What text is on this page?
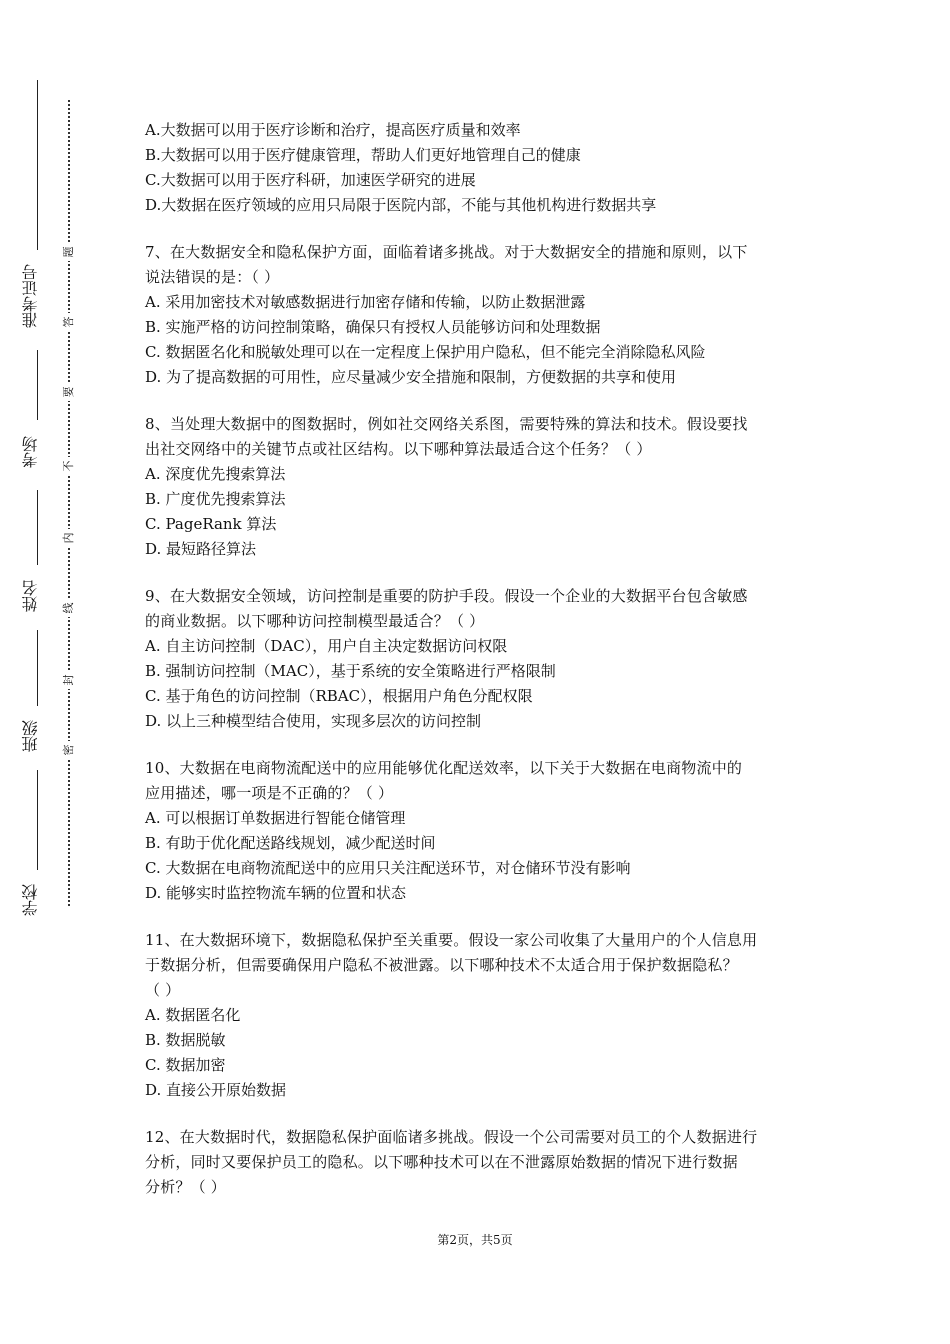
准考证号
考场
姓名
班级
学校
题
答
要
不
内
线
封
密
A.大数据可以用于医疗诊断和治疗，提高医疗质量和效率
B.大数据可以用于医疗健康管理，帮助人们更好地管理自己的健康
C.大数据可以用于医疗科研，加速医学研究的进展
D.大数据在医疗领域的应用只局限于医院内部，不能与其他机构进行数据共享
7、在大数据安全和隐私保护方面，面临着诸多挑战。对于大数据安全的措施和原则，以下
说法错误的是：（ ）
A. 采用加密技术对敏感数据进行加密存储和传输，以防止数据泄露
B. 实施严格的访问控制策略，确保只有授权人员能够访问和处理数据
C. 数据匿名化和脱敏处理可以在一定程度上保护用户隐私，但不能完全消除隐私风险
D. 为了提高数据的可用性，应尽量减少安全措施和限制，方便数据的共享和使用
8、当处理大数据中的图数据时，例如社交网络关系图，需要特殊的算法和技术。假设要找
出社交网络中的关键节点或社区结构。以下哪种算法最适合这个任务？（ ）
A. 深度优先搜索算法
B. 广度优先搜索算法
C. PageRank 算法
D. 最短路径算法
9、在大数据安全领域，访问控制是重要的防护手段。假设一个企业的大数据平台包含敏感
的商业数据。以下哪种访问控制模型最适合？（ ）
A. 自主访问控制（DAC），用户自主决定数据访问权限
B. 强制访问控制（MAC），基于系统的安全策略进行严格限制
C. 基于角色的访问控制（RBAC），根据用户角色分配权限
D. 以上三种模型结合使用，实现多层次的访问控制
10、大数据在电商物流配送中的应用能够优化配送效率，以下关于大数据在电商物流中的
应用描述，哪一项是不正确的？（ ）
A. 可以根据订单数据进行智能仓储管理
B. 有助于优化配送路线规划，减少配送时间
C. 大数据在电商物流配送中的应用只关注配送环节，对仓储环节没有影响
D. 能够实时监控物流车辆的位置和状态
11、在大数据环境下，数据隐私保护至关重要。假设一家公司收集了大量用户的个人信息用
于数据分析，但需要确保用户隐私不被泄露。以下哪种技术不太适合用于保护数据隐私？
（ ）
A. 数据匿名化
B. 数据脱敏
C. 数据加密
D. 直接公开原始数据
12、在大数据时代，数据隐私保护面临诸多挑战。假设一个公司需要对员工的个人数据进行
分析，同时又要保护员工的隐私。以下哪种技术可以在不泄露原始数据的情况下进行数据
分析？（ ）
第2页，共5页
